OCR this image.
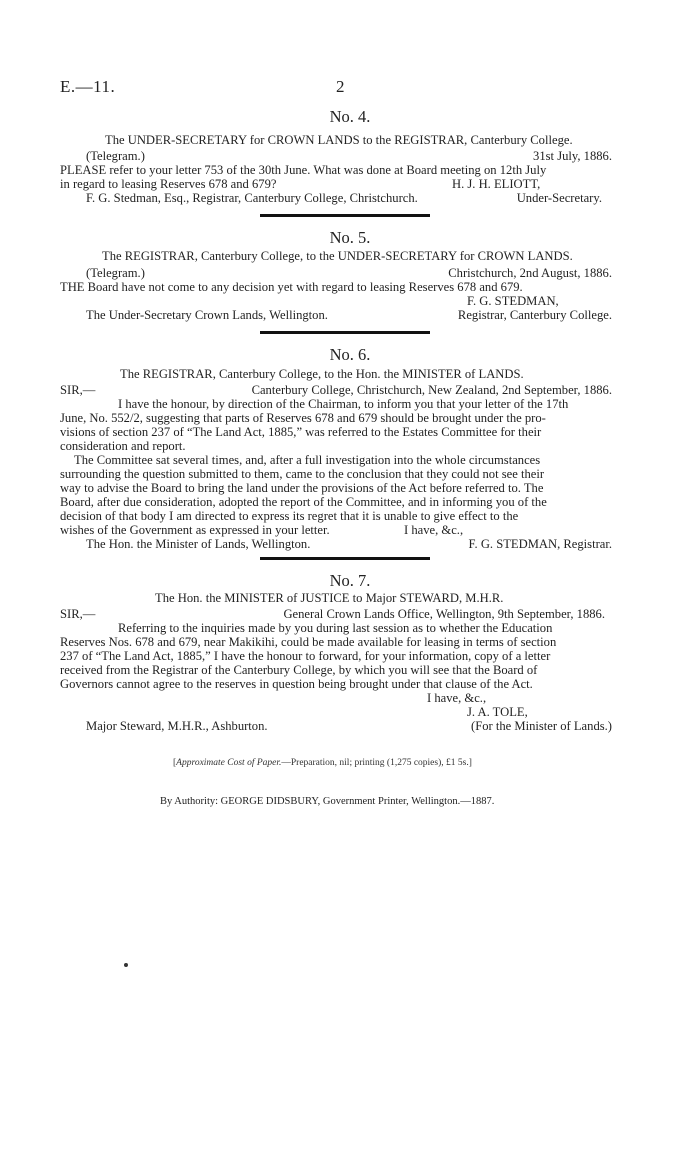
E.—11.	2
No. 4.
The UNDER-SECRETARY for CROWN LANDS to the REGISTRAR, Canterbury College.
(Telegram.)	31st July, 1886.
PLEASE refer to your letter 753 of the 30th June. What was done at Board meeting on 12th July
in regard to leasing Reserves 678 and 679?	H. J. H. ELIOTT,
F. G. Stedman, Esq., Registrar, Canterbury College, Christchurch.	Under-Secretary.
No. 5.
The REGISTRAR, Canterbury College, to the UNDER-SECRETARY for CROWN LANDS.
(Telegram.)	Christchurch, 2nd August, 1886.
THE Board have not come to any decision yet with regard to leasing Reserves 678 and 679.
F. G. STEDMAN,
The Under-Secretary Crown Lands, Wellington.	Registrar, Canterbury College.
No. 6.
The REGISTRAR, Canterbury College, to the Hon. the MINISTER of LANDS.
SIR,—	Canterbury College, Christchurch, New Zealand, 2nd September, 1886.
I have the honour, by direction of the Chairman, to inform you that your letter of the 17th
June, No. 552/2, suggesting that parts of Reserves 678 and 679 should be brought under the pro-
visions of section 237 of “The Land Act, 1885,” was referred to the Estates Committee for their
consideration and report.
The Committee sat several times, and, after a full investigation into the whole circumstances
surrounding the question submitted to them, came to the conclusion that they could not see their
way to advise the Board to bring the land under the provisions of the Act before referred to. The
Board, after due consideration, adopted the report of the Committee, and in informing you of the
decision of that body I am directed to express its regret that it is unable to give effect to the
wishes of the Government as expressed in your letter.	I have, &c.,
The Hon. the Minister of Lands, Wellington.	F. G. STEDMAN, Registrar.
No. 7.
The Hon. the MINISTER of JUSTICE to Major STEWARD, M.H.R.
SIR,—	General Crown Lands Office, Wellington, 9th September, 1886.
Referring to the inquiries made by you during last session as to whether the Education
Reserves Nos. 678 and 679, near Makikihi, could be made available for leasing in terms of section
237 of “The Land Act, 1885,” I have the honour to forward, for your information, copy of a letter
received from the Registrar of the Canterbury College, by which you will see that the Board of
Governors cannot agree to the reserves in question being brought under that clause of the Act.
I have, &c.,
J. A. TOLE,
Major Steward, M.H.R., Ashburton.	(For the Minister of Lands.)
[Approximate Cost of Paper.—Preparation, nil; printing (1,275 copies), £1 5s.]
By Authority: GEORGE DIDSBURY, Government Printer, Wellington.—1887.
